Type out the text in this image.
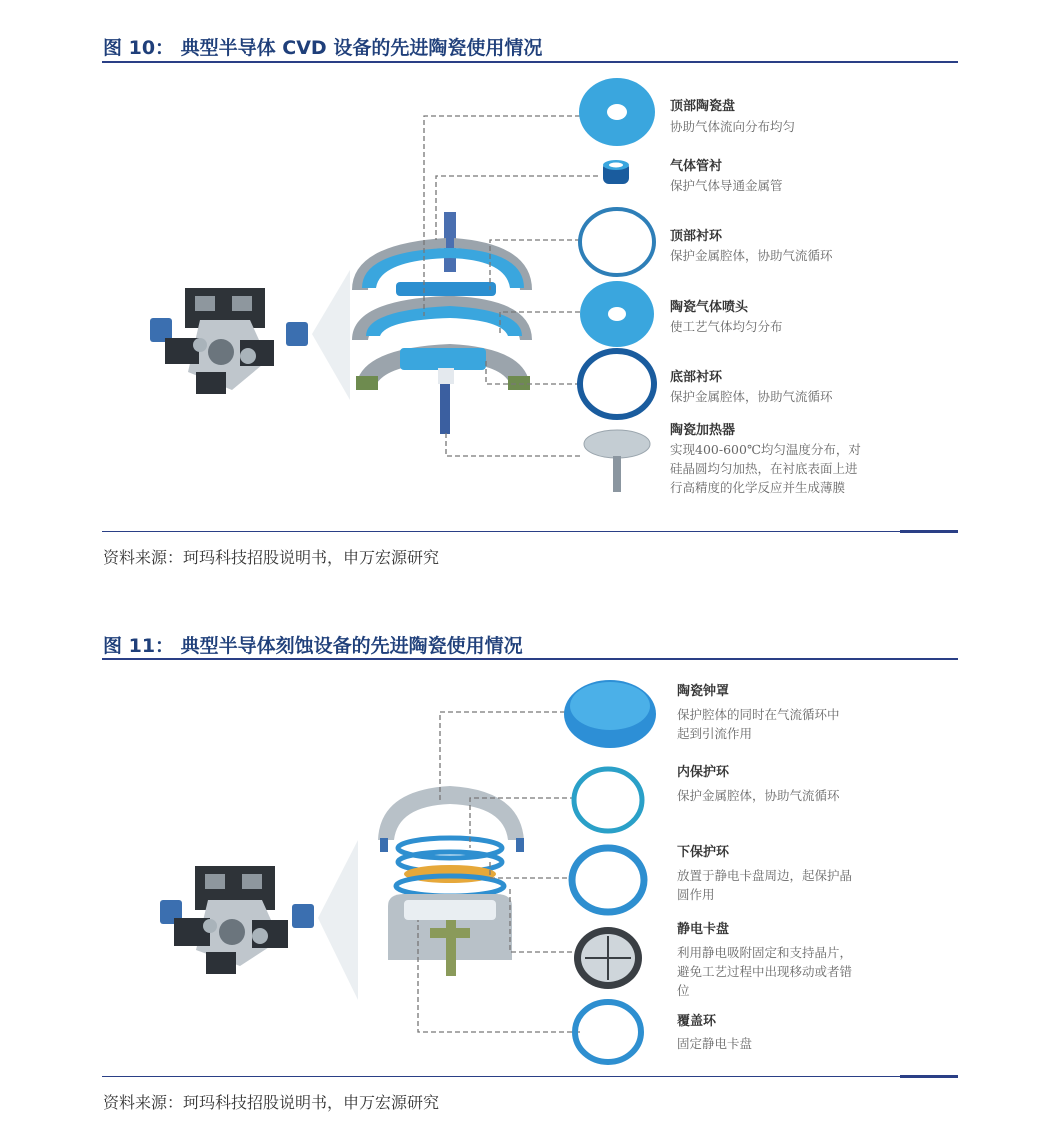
图 10： 典型半导体 CVD 设备的先进陶瓷使用情况
顶部陶瓷盘
协助气体流向分布均匀
气体管衬
保护气体导通金属管
顶部衬环
保护金属腔体，协助气流循环
陶瓷气体喷头
使工艺气体均匀分布
底部衬环
保护金属腔体，协助气流循环
陶瓷加热器
实现400-600℃均匀温度分布，对硅晶圆均匀加热，在衬底表面上进行高精度的化学反应并生成薄膜
资料来源：珂玛科技招股说明书，申万宏源研究
图 11： 典型半导体刻蚀设备的先进陶瓷使用情况
陶瓷钟罩
保护腔体的同时在气流循环中起到引流作用
内保护环
保护金属腔体，协助气流循环
下保护环
放置于静电卡盘周边，起保护晶圆作用
静电卡盘
利用静电吸附固定和支持晶片，避免工艺过程中出现移动或者错位
覆盖环
固定静电卡盘
资料来源：珂玛科技招股说明书，申万宏源研究
